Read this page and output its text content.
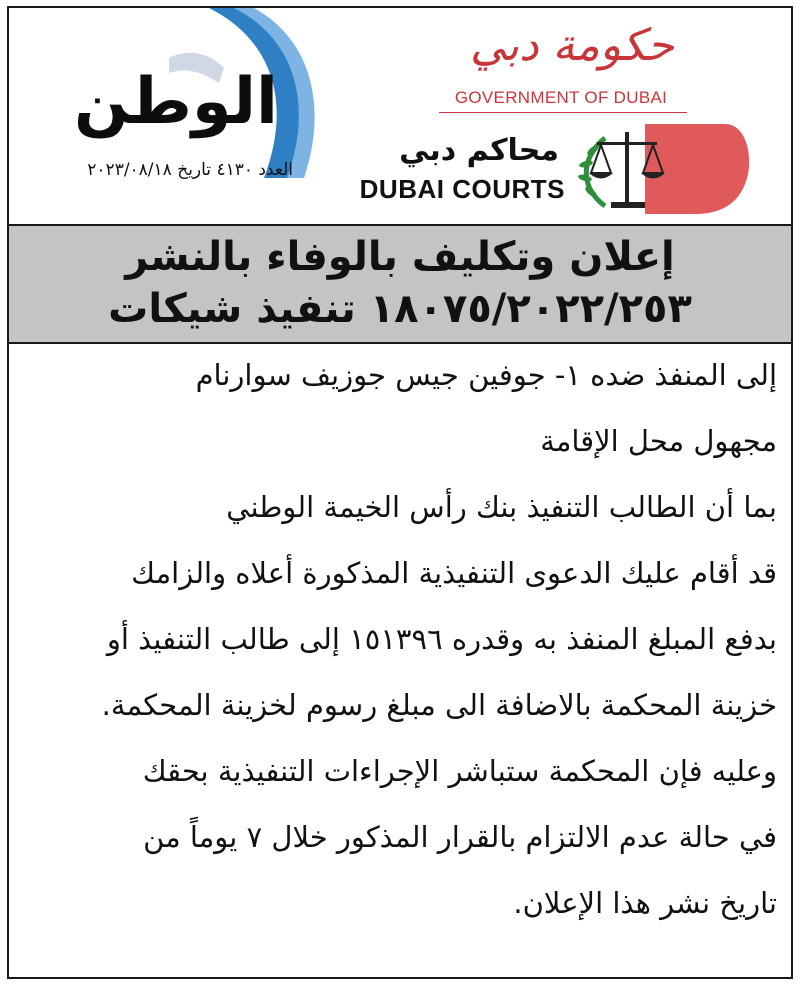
الوطن
العدد ٤١٣٠ تاريخ ٢٠٢٣/٠٨/١٨
حكومة دبي
GOVERNMENT OF DUBAI
محاكم دبي
DUBAI COURTS
إعلان وتكليف بالوفاء بالنشر
١٨٠٧٥/٢٠٢٢/٢٥٣ تنفيذ شيكات
إلى المنفذ ضده ١- جوفين جيس جوزيف سوارنام
مجهول محل الإقامة
بما أن الطالب التنفيذ بنك رأس الخيمة الوطني
قد أقام عليك الدعوى التنفيذية المذكورة أعلاه والزامك
بدفع المبلغ المنفذ به وقدره ١٥١٣٩٦ إلى طالب التنفيذ أو
خزينة المحكمة بالاضافة الى مبلغ رسوم لخزينة المحكمة.
وعليه فإن المحكمة ستباشر الإجراءات التنفيذية بحقك
في حالة عدم الالتزام بالقرار المذكور خلال ٧ يوماً من
تاريخ نشر هذا الإعلان.
